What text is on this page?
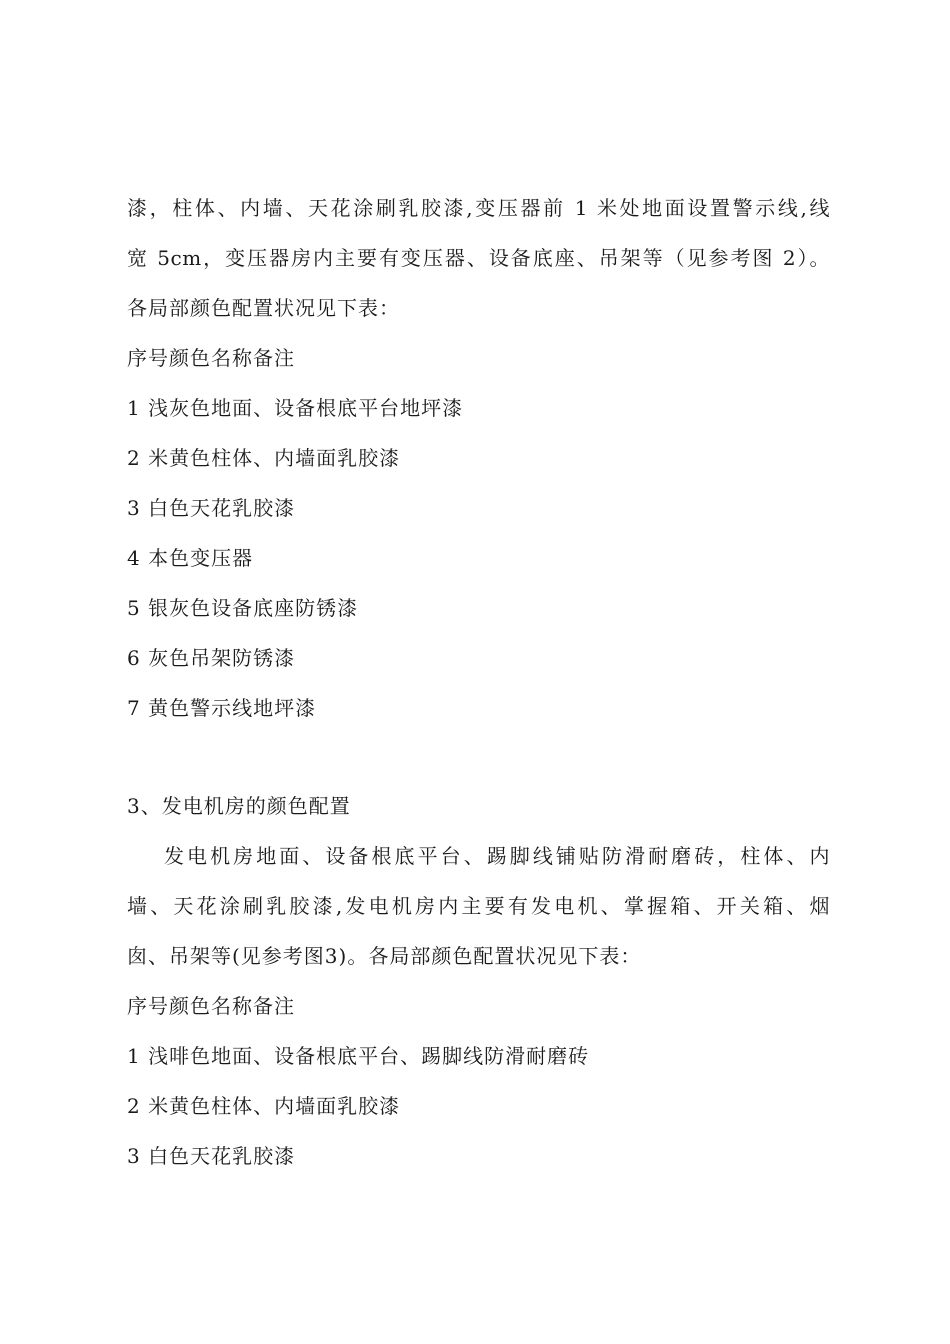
漆，柱体、内墙、天花涂刷乳胶漆,变压器前 1 米处地面设置警示线,线
宽 5cm，变压器房内主要有变压器、设备底座、吊架等（见参考图 2）。
各局部颜色配置状况见下表：
序号颜色名称备注
1 浅灰色地面、设备根底平台地坪漆
2 米黄色柱体、内墙面乳胶漆
3 白色天花乳胶漆
4 本色变压器
5 银灰色设备底座防锈漆
6 灰色吊架防锈漆
7 黄色警示线地坪漆
3、发电机房的颜色配置
发电机房地面、设备根底平台、踢脚线铺贴防滑耐磨砖，柱体、内
墙、天花涂刷乳胶漆,发电机房内主要有发电机、掌握箱、开关箱、烟
囱、吊架等(见参考图3)。各局部颜色配置状况见下表：
序号颜色名称备注
1 浅啡色地面、设备根底平台、踢脚线防滑耐磨砖
2 米黄色柱体、内墙面乳胶漆
3 白色天花乳胶漆
